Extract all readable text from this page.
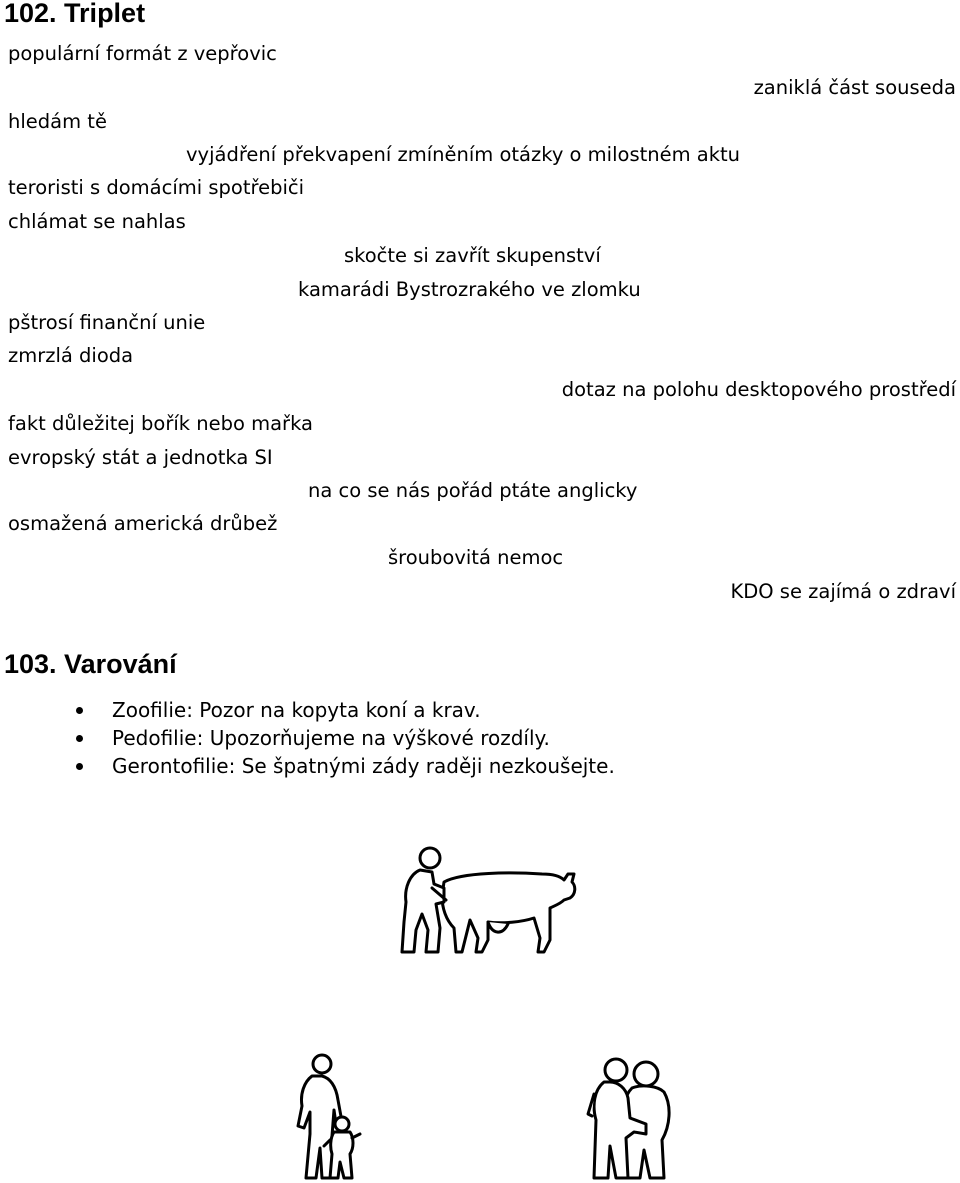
102. Triplet
populární formát z vepřovic
zaniklá část souseda
hledám tě
vyjádření překvapení zmíněním otázky o milostném aktu
teroristi s domácími spotřebiči
chlámat se nahlas
skočte si zavřít skupenství
kamarádi Bystrozrakého ve zlomku
pštrosí finanční unie
zmrzlá dioda
dotaz na polohu desktopového prostředí
fakt důležitej bořík nebo mařka
evropský stát a jednotka SI
na co se nás pořád ptáte anglicky
osmažená americká drůbež
šroubovitá nemoc
KDO se zajímá o zdraví
103. Varování
Zoofilie: Pozor na kopyta koní a krav.
Pedofilie: Upozorňujeme na výškové rozdíly.
Gerontofilie: Se špatnými zády raději nezkoušejte.
